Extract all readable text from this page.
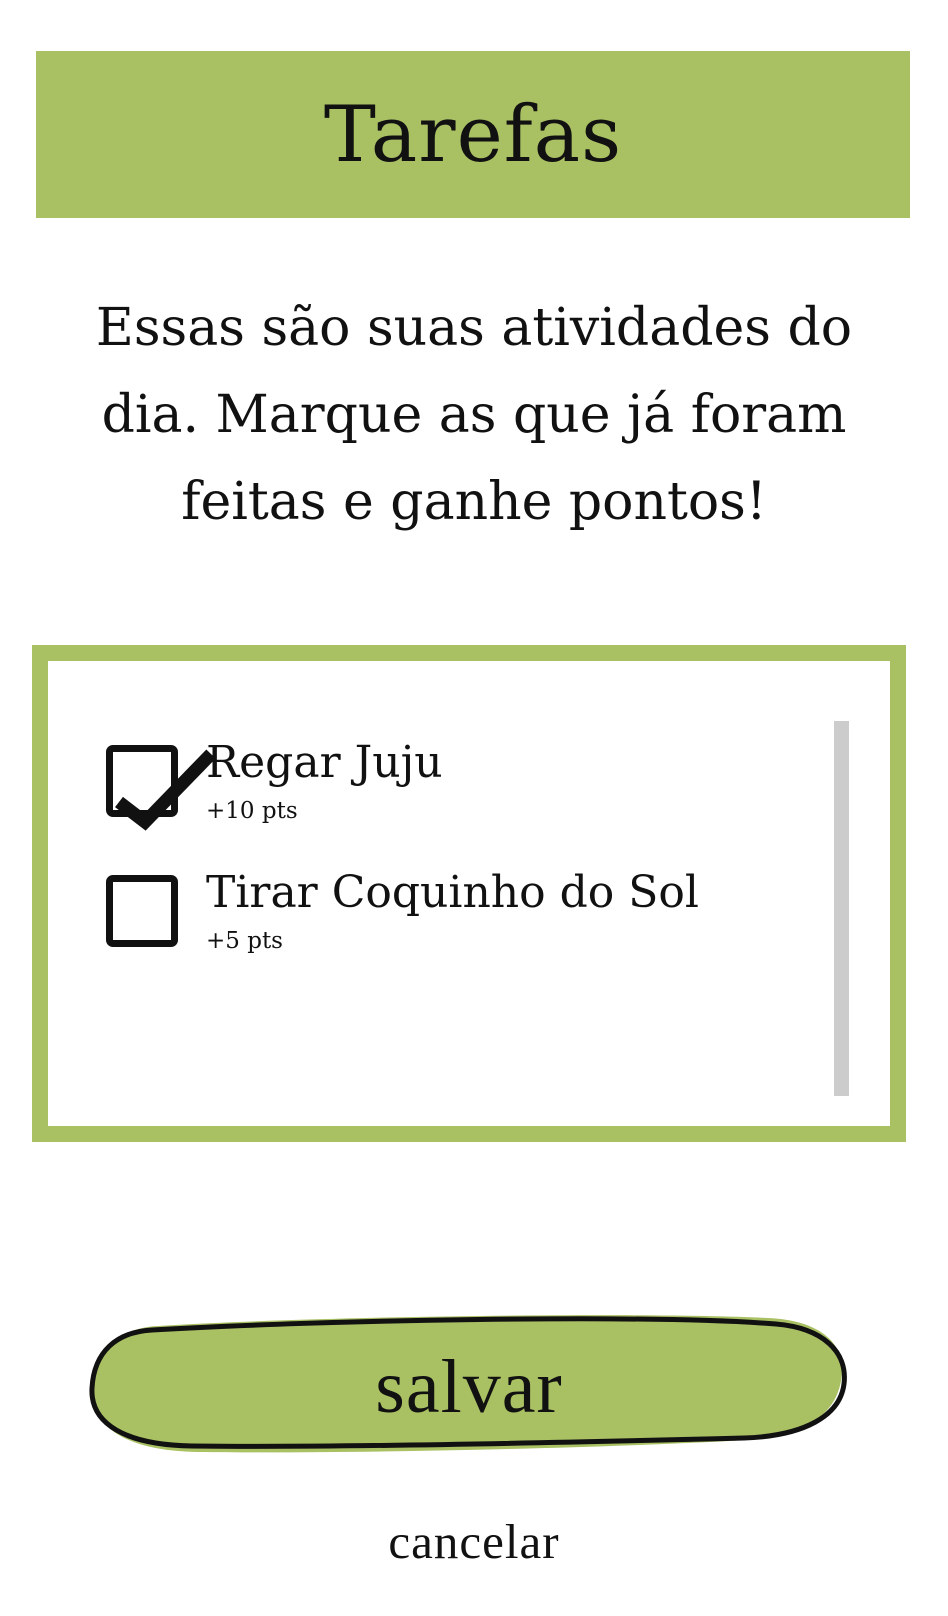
Tarefas

Essas são suas atividades do
dia. Marque as que já foram
feitas e ganhe pontos!

Regar Juju
+10 pts
Tirar Coquinho do Sol
+5 pts
salvar
cancelar
